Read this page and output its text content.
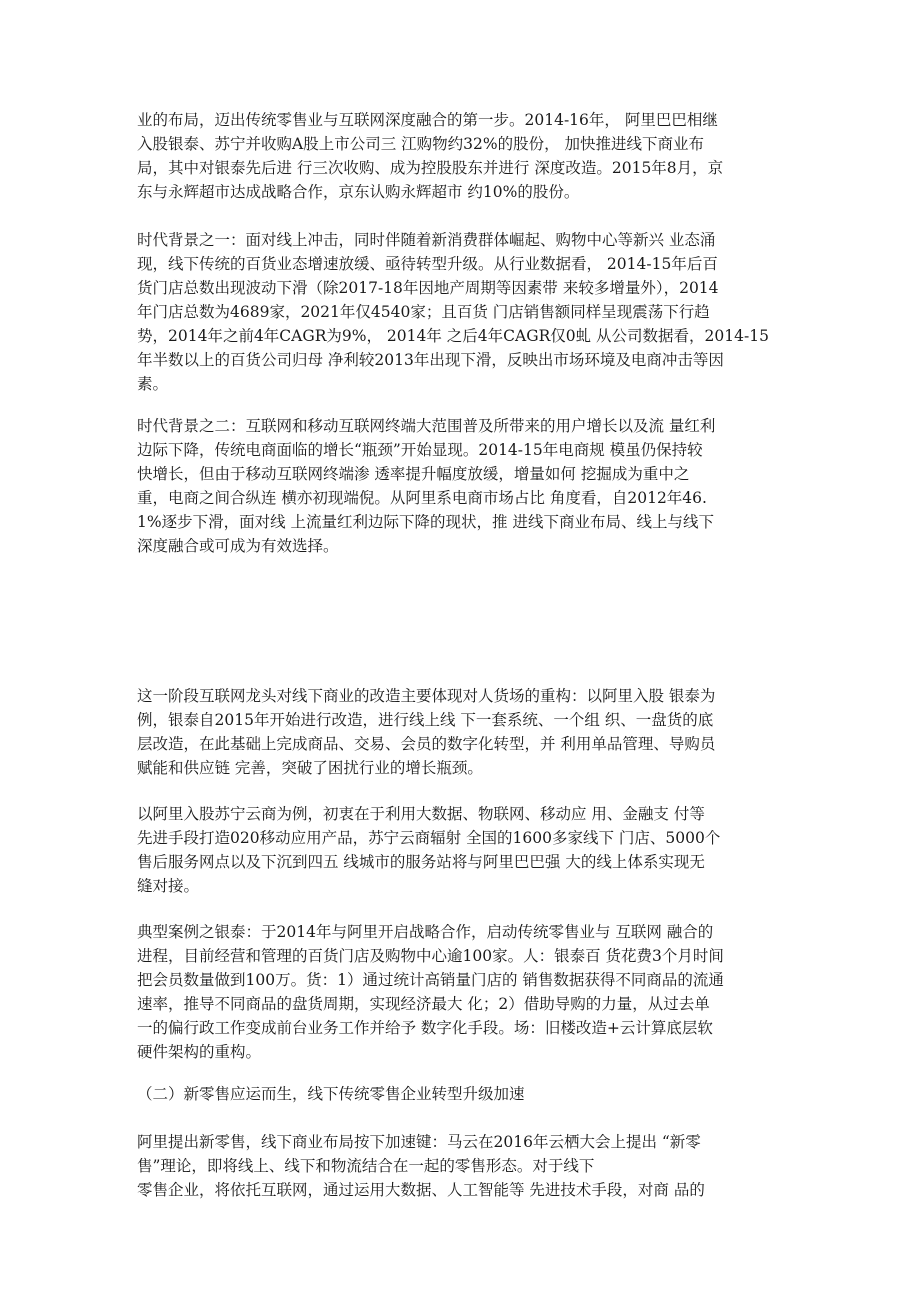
业的布局，迈出传统零售业与互联网深度融合的第一步。2014-16年， 阿里巴巴相继
入股银泰、苏宁并收购A股上市公司三 江购物约32%的股份， 加快推进线下商业布
局，其中对银泰先后进 行三次收购、成为控股股东并进行 深度改造。2015年8月，京
东与永辉超市达成战略合作，京东认购永辉超市 约10%的股份。
时代背景之一：面对线上冲击，同时伴随着新消费群体崛起、购物中心等新兴 业态涌
现，线下传统的百货业态增速放缓、亟待转型升级。从行业数据看， 2014-15年后百
货门店总数出现波动下滑（除2017-18年因地产周期等因素带 来较多增量外），2014
年门店总数为4689家，2021年仅4540家；且百货 门店销售额同样呈现震荡下行趋
势，2014年之前4年CAGR为9%， 2014年 之后4年CAGR仅0虬 从公司数据看，2014-15
年半数以上的百货公司归母 净利较2013年出现下滑，反映出市场环境及电商冲击等因
素。
时代背景之二：互联网和移动互联网终端大范围普及所带来的用户增长以及流 量红利
边际下降，传统电商面临的增长“瓶颈”开始显现。2014-15年电商规 模虽仍保持较
快增长，但由于移动互联网终端渗 透率提升幅度放缓，增量如何 挖掘成为重中之
重，电商之间合纵连 横亦初现端倪。从阿里系电商市场占比 角度看，自2012年46.
1%逐步下滑，面对线 上流量红利边际下降的现状，推 进线下商业布局、线上与线下
深度融合或可成为有效选择。
这一阶段互联网龙头对线下商业的改造主要体现对人货场的重构：以阿里入股 银泰为
例，银泰自2015年开始进行改造，进行线上线 下一套系统、一个组 织、一盘货的底
层改造，在此基础上完成商品、交易、会员的数字化转型，并 利用单品管理、导购员
赋能和供应链 完善，突破了困扰行业的增长瓶颈。
以阿里入股苏宁云商为例，初衷在于利用大数据、物联网、移动应 用、金融支 付等
先进手段打造020移动应用产品，苏宁云商辐射 全国的1600多家线下 门店、5000个
售后服务网点以及下沉到四五 线城市的服务站将与阿里巴巴强 大的线上体系实现无
缝对接。
典型案例之银泰：于2014年与阿里开启战略合作，启动传统零售业与 互联网 融合的
进程，目前经营和管理的百货门店及购物中心逾100家。人：银泰百 货花费3个月时间
把会员数量做到100万。货：1）通过统计高销量门店的 销售数据获得不同商品的流通
速率，推导不同商品的盘货周期，实现经济最大 化；2）借助导购的力量，从过去单
一的偏行政工作变成前台业务工作并给予 数字化手段。场：旧楼改造+云计算底层软
硬件架构的重构。
（二）新零售应运而生，线下传统零售企业转型升级加速
阿里提出新零售，线下商业布局按下加速键：马云在2016年云栖大会上提出 “新零
售”理论，即将线上、线下和物流结合在一起的零售形态。对于线下
零售企业，将依托互联网，通过运用大数据、人工智能等 先进技术手段，对商 品的
